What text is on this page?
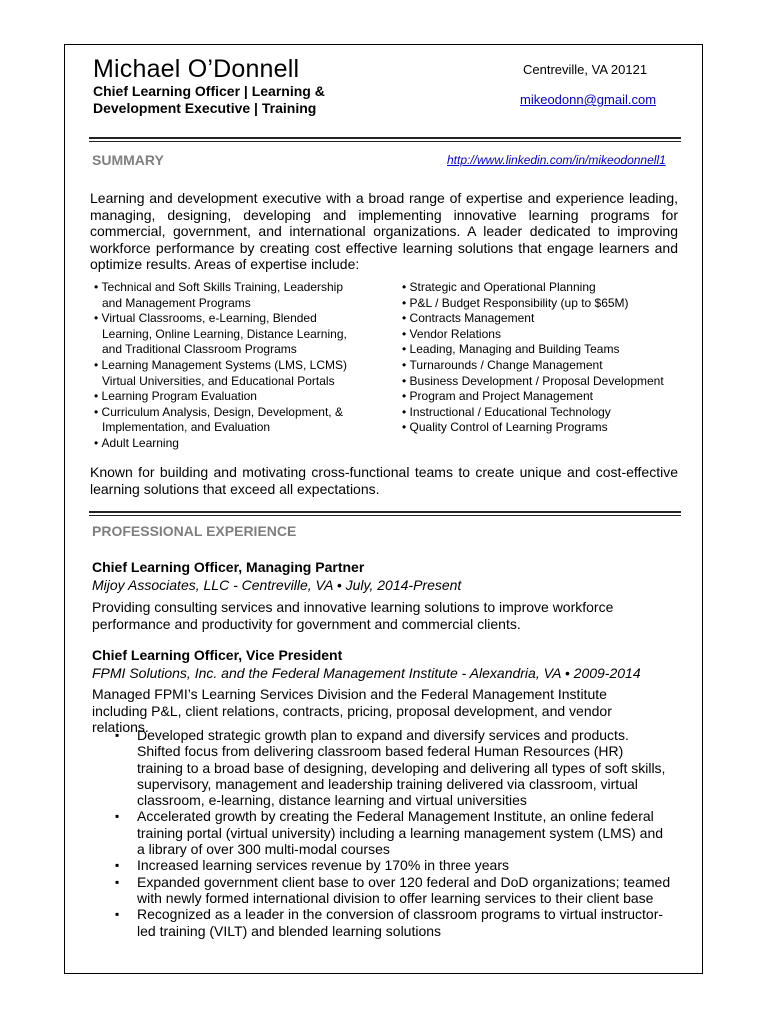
Michael O’Donnell
Chief Learning Officer | Learning & Development Executive | Training
Centreville, VA 20121
mikeodonn@gmail.com
SUMMARY	http://www.linkedin.com/in/mikeodonnell1
Learning and development executive with a broad range of expertise and experience leading, managing, designing, developing and implementing innovative learning programs for commercial, government, and international organizations. A leader dedicated to improving workforce performance by creating cost effective learning solutions that engage learners and optimize results. Areas of expertise include:
• Technical and Soft Skills Training, Leadership and Management Programs
• Virtual Classrooms, e-Learning, Blended Learning, Online Learning, Distance Learning, and Traditional Classroom Programs
• Learning Management Systems (LMS, LCMS) Virtual Universities, and Educational Portals
• Learning Program Evaluation
• Curriculum Analysis, Design, Development, & Implementation, and Evaluation
• Adult Learning
• Strategic and Operational Planning
• P&L / Budget Responsibility (up to $65M)
• Contracts Management
• Vendor Relations
• Leading, Managing and Building Teams
• Turnarounds / Change Management
• Business Development / Proposal Development
• Program and Project Management
• Instructional / Educational Technology
• Quality Control of Learning Programs
Known for building and motivating cross-functional teams to create unique and cost-effective learning solutions that exceed all expectations.
PROFESSIONAL EXPERIENCE
Chief Learning Officer, Managing Partner
Mijoy Associates, LLC - Centreville, VA • July, 2014-Present
Providing consulting services and innovative learning solutions to improve workforce performance and productivity for government and commercial clients.
Chief Learning Officer, Vice President
FPMI Solutions, Inc. and the Federal Management Institute - Alexandria, VA • 2009-2014
Managed FPMI’s Learning Services Division and the Federal Management Institute including P&L, client relations, contracts, pricing, proposal development, and vendor relations.
▪ Developed strategic growth plan to expand and diversify services and products. Shifted focus from delivering classroom based federal Human Resources (HR) training to a broad base of designing, developing and delivering all types of soft skills, supervisory, management and leadership training delivered via classroom, virtual classroom, e-learning, distance learning and virtual universities
▪ Accelerated growth by creating the Federal Management Institute, an online federal training portal (virtual university) including a learning management system (LMS) and a library of over 300 multi-modal courses
▪ Increased learning services revenue by 170% in three years
▪ Expanded government client base to over 120 federal and DoD organizations; teamed with newly formed international division to offer learning services to their client base
▪ Recognized as a leader in the conversion of classroom programs to virtual instructor-led training (VILT) and blended learning solutions
